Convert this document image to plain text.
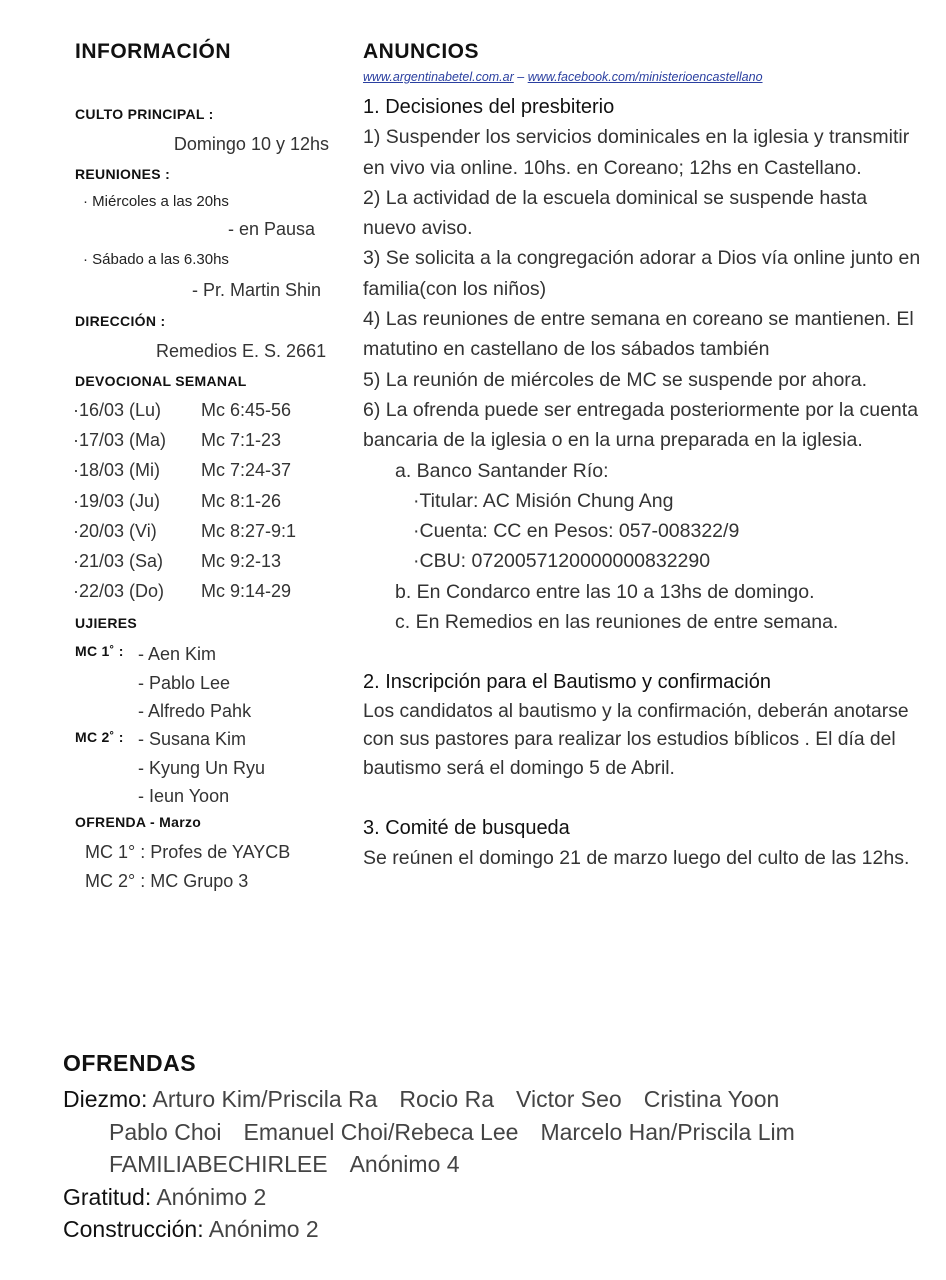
INFORMACIÓN
CULTO PRINCIPAL :
Domingo 10 y 12hs
REUNIONES :
· Miércoles a las 20hs
- en Pausa
· Sábado a las 6.30hs
- Pr. Martin Shin
DIRECCIÓN :
Remedios E. S. 2661
DEVOCIONAL SEMANAL
·16/03 (Lu)	Mc 6:45-56
·17/03 (Ma)	Mc 7:1-23
·18/03 (Mi)	Mc 7:24-37
·19/03 (Ju)	Mc 8:1-26
·20/03 (Vi)	Mc 8:27-9:1
·21/03 (Sa)	Mc 9:2-13
·22/03 (Do)	Mc 9:14-29
UJIERES
MC 1˚ : - Aen Kim
- Pablo Lee
- Alfredo Pahk
MC 2˚ : - Susana Kim
- Kyung Un Ryu
- Ieun Yoon
OFRENDA - Marzo
MC 1° : Profes de YAYCB
MC 2° : MC Grupo 3
ANUNCIOS
www.argentinabetel.com.ar – www.facebook.com/ministerioencastellano
1. Decisiones del presbiterio
1) Suspender los servicios dominicales en la iglesia y transmitir en vivo via online. 10hs. en Coreano; 12hs en Castellano.
2) La actividad de la escuela dominical se suspende hasta nuevo aviso.
3) Se solicita a la congregación adorar a Dios vía online junto en familia(con los niños)
4) Las reuniones de entre semana en coreano se mantienen. El matutino en castellano de los sábados también
5) La reunión de miércoles de MC se suspende por ahora.
6) La ofrenda puede ser entregada posteriormente por la cuenta bancaria de la iglesia o en la urna preparada en la iglesia.
a. Banco Santander Río:
·Titular: AC Misión Chung Ang
·Cuenta: CC en Pesos: 057-008322/9
·CBU: 0720057120000000832290
b. En Condarco entre las 10 a 13hs de domingo.
c. En Remedios en las reuniones de entre semana.
2. Inscripción para el Bautismo y confirmación
Los candidatos al bautismo y la confirmación, deberán anotarse con sus pastores para realizar los estudios bíblicos . El día del bautismo será el domingo 5 de Abril.
3. Comité de busqueda
Se reúnen el domingo 21 de marzo luego del culto de las 12hs.
OFRENDAS
Diezmo: Arturo Kim/Priscila Ra Rocio Ra Victor Seo Cristina Yoon
Pablo Choi Emanuel Choi/Rebeca Lee Marcelo Han/Priscila Lim
FAMILIABECHIRLEE Anónimo 4
Gratitud: Anónimo 2
Construcción: Anónimo 2
